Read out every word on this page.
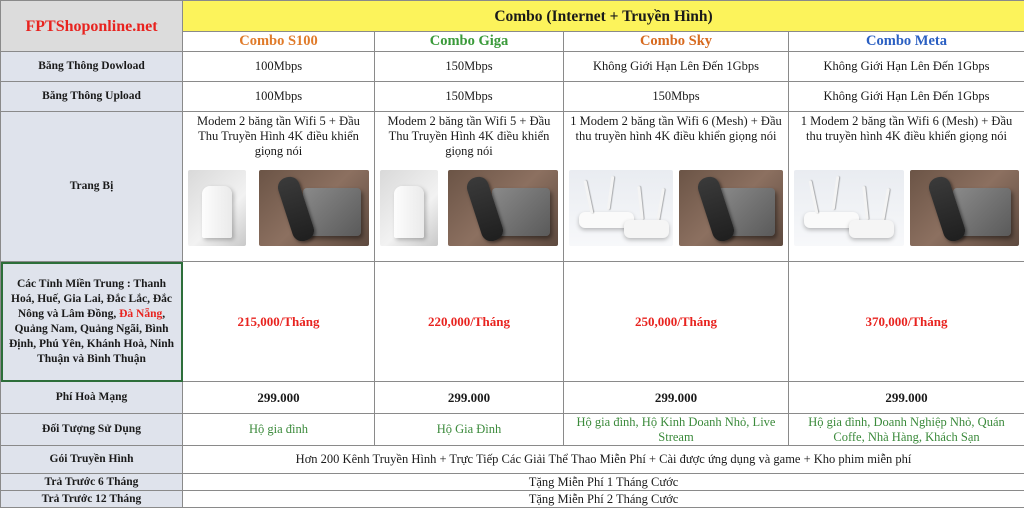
FPTShoponline.net	Combo (Internet + Truyền Hình)			
	Combo S100	Combo Giga	Combo Sky	Combo Meta
Băng Thông Dowload	100Mbps	150Mbps	Không Giới Hạn Lên Đến 1Gbps	Không Giới Hạn Lên Đến 1Gbps
Băng Thông Upload	100Mbps	150Mbps	150Mbps	Không Giới Hạn Lên Đến 1Gbps
Trang Bị	Modem 2 băng tần Wifi 5 + Đầu Thu Truyền Hình 4K điều khiển giọng nói	Modem 2 băng tần Wifi 5 + Đầu Thu Truyền Hình 4K điều khiển giọng nói	1 Modem 2 băng tần Wifi 6 (Mesh) + Đầu thu truyền hình 4K điều khiển giọng nói	1 Modem 2 băng tần Wifi 6 (Mesh) + Đầu thu truyền hình 4K điều khiển giọng nói

Các Tỉnh Miền Trung : Thanh Hoá, Huế, Gia Lai, Đắc Lắc, Đắc Nông và Lâm Đồng, Đà Nẵng, Quảng Nam, Quảng Ngãi, Bình Định, Phú Yên, Khánh Hoà, Ninh Thuận và Bình Thuận	215,000/Tháng	220,000/Tháng	250,000/Tháng	370,000/Tháng
Phí Hoà Mạng	299.000	299.000	299.000	299.000
Đối Tượng Sử Dụng	Hộ gia đình	Hộ Gia Đình	Hộ gia đình, Hộ Kinh Doanh Nhỏ, Live Stream	Hộ gia đình, Doanh Nghiệp Nhỏ, Quán Coffe, Nhà Hàng, Khách Sạn
Gói Truyền Hình	Hơn 200 Kênh Truyền Hình + Trực Tiếp Các Giải Thể Thao Miễn Phí + Cài được ứng dụng và game + Kho phim miễn phí			
Trả Trước 6 Tháng	Tặng Miễn Phí 1 Tháng Cước			
Trả Trước 12 Tháng	Tặng Miễn Phí 2 Tháng Cước			
